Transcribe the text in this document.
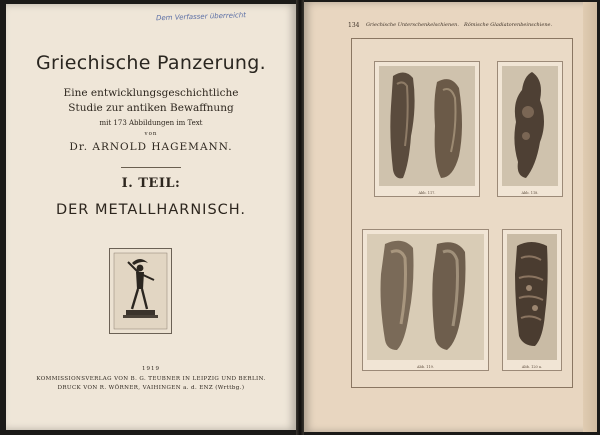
Dem Verfasser überreicht
Griechische Panzerung.
Eine entwicklungsgeschichtliche
Studie zur antiken Bewaffnung
mit 173 Abbildungen im Text
von
Dr. ARNOLD HAGEMANN.
I. TEIL:
DER METALLHARNISCH.
1919
KOMMISSIONSVERLAG VON B. G. TEUBNER IN LEIPZIG UND BERLIN.
DRUCK VON R. WÖRNER, VAIHINGEN a. d. ENZ (Wrttbg.)
134 Griechische Unterschenkelschienen. Römische Gladiatorenbeinschiene.
Abb. 117.	Abb. 118.
Abb. 119.	Abb. 120 a.
